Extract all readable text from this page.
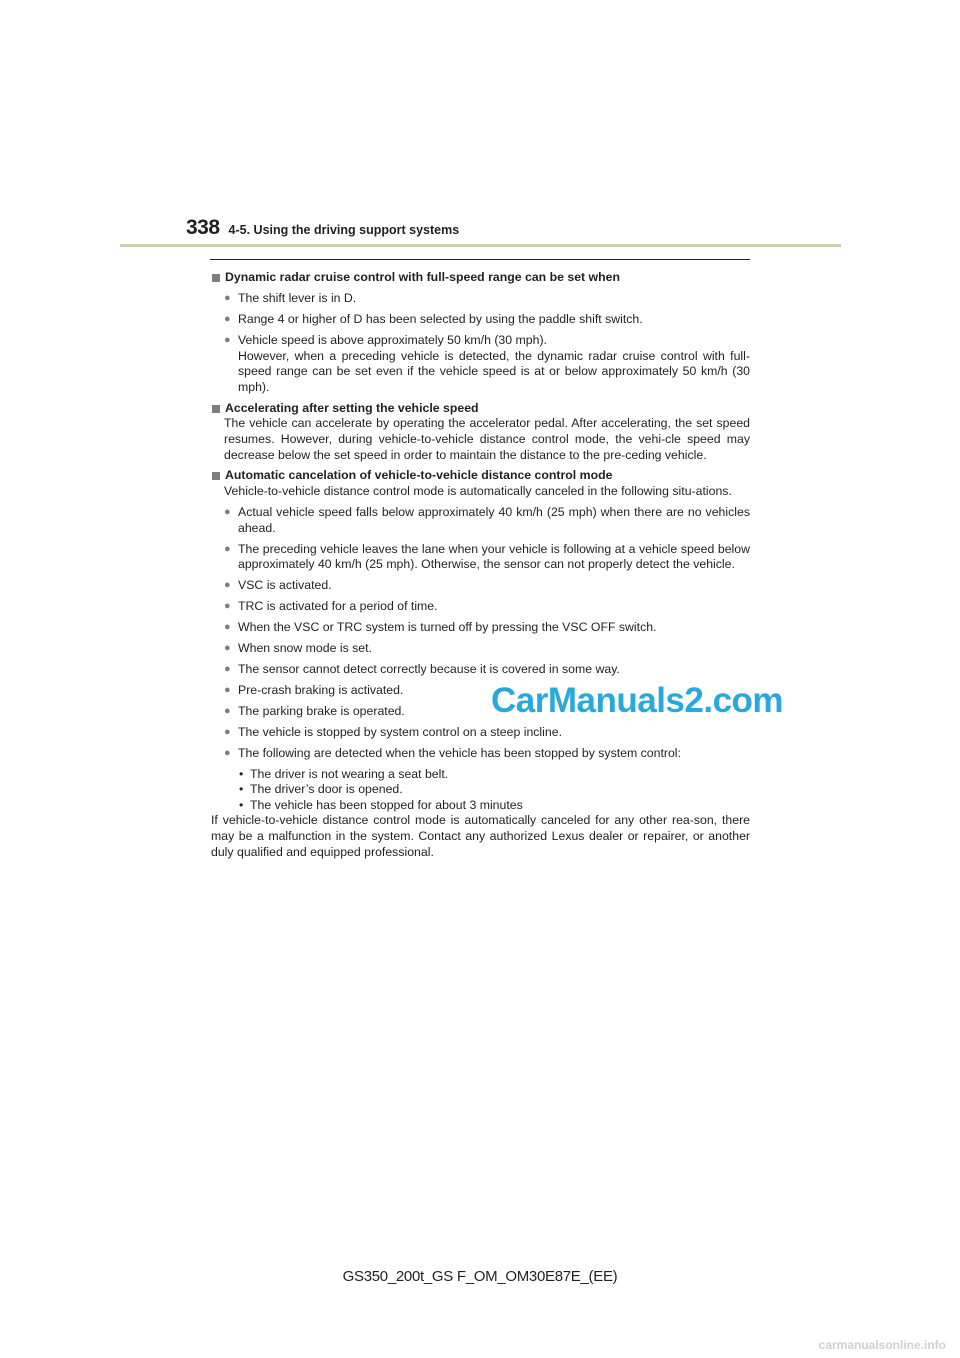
338 4-5. Using the driving support systems
Dynamic radar cruise control with full-speed range can be set when
● The shift lever is in D.
● Range 4 or higher of D has been selected by using the paddle shift switch.
● Vehicle speed is above approximately 50 km/h (30 mph).
However, when a preceding vehicle is detected, the dynamic radar cruise control with full-speed range can be set even if the vehicle speed is at or below approximately 50 km/h (30 mph).
Accelerating after setting the vehicle speed
The vehicle can accelerate by operating the accelerator pedal. After accelerating, the set speed resumes. However, during vehicle-to-vehicle distance control mode, the vehi-cle speed may decrease below the set speed in order to maintain the distance to the pre-ceding vehicle.
Automatic cancelation of vehicle-to-vehicle distance control mode
Vehicle-to-vehicle distance control mode is automatically canceled in the following situ-ations.
● Actual vehicle speed falls below approximately 40 km/h (25 mph) when there are no vehicles ahead.
● The preceding vehicle leaves the lane when your vehicle is following at a vehicle speed below approximately 40 km/h (25 mph). Otherwise, the sensor can not properly detect the vehicle.
● VSC is activated.
● TRC is activated for a period of time.
● When the VSC or TRC system is turned off by pressing the VSC OFF switch.
● When snow mode is set.
● The sensor cannot detect correctly because it is covered in some way.
● Pre-crash braking is activated.
● The parking brake is operated.
● The vehicle is stopped by system control on a steep incline.
● The following are detected when the vehicle has been stopped by system control:
• The driver is not wearing a seat belt.
• The driver’s door is opened.
• The vehicle has been stopped for about 3 minutes
If vehicle-to-vehicle distance control mode is automatically canceled for any other rea-son, there may be a malfunction in the system. Contact any authorized Lexus dealer or repairer, or another duly qualified and equipped professional.
CarManuals2.com
GS350_200t_GS F_OM_OM30E87E_(EE)
carmanualsonline.info
